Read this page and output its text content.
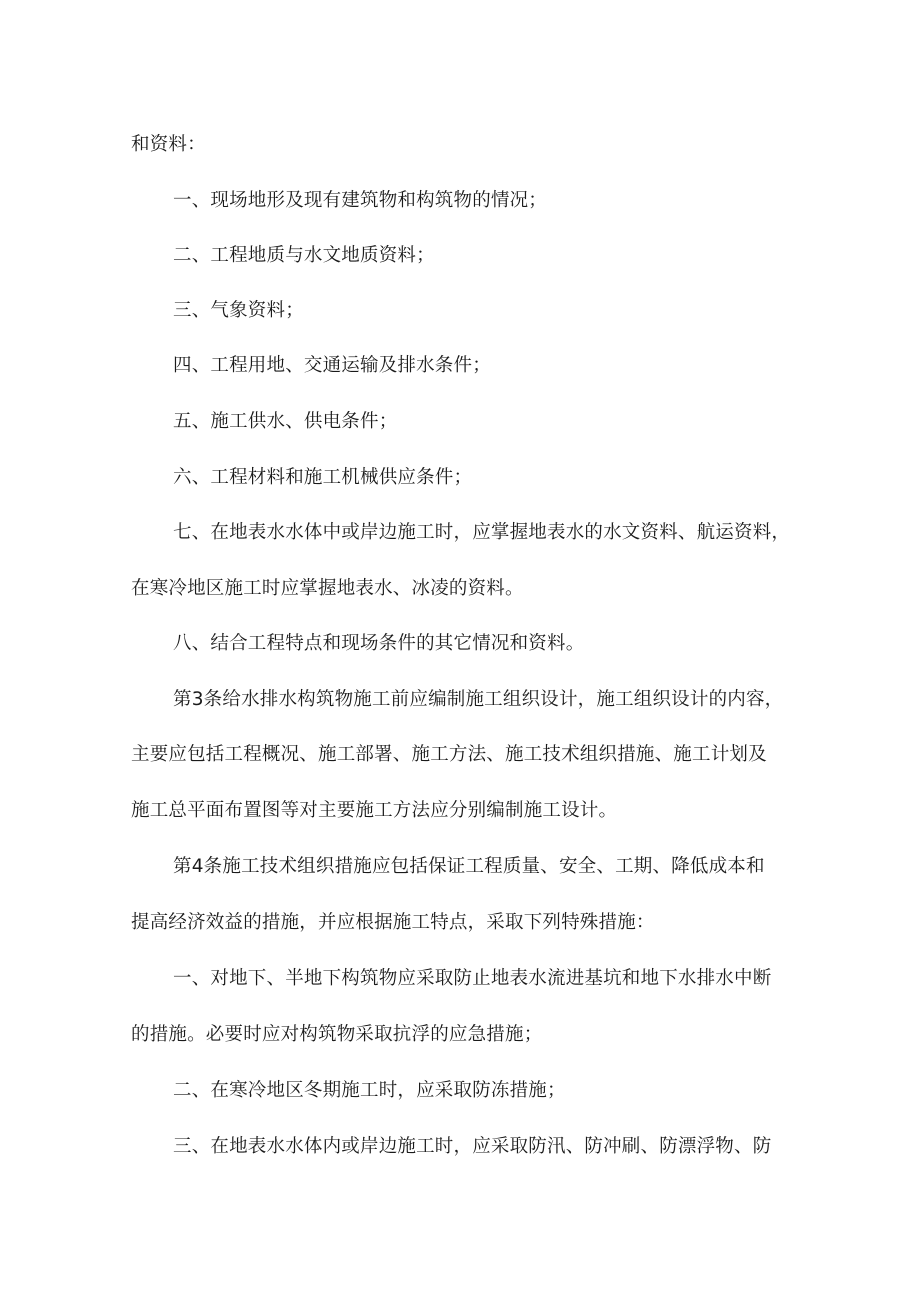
和资料：
一、现场地形及现有建筑物和构筑物的情况；
二、工程地质与水文地质资料；
三、气象资料；
四、工程用地、交通运输及排水条件；
五、施工供水、供电条件；
六、工程材料和施工机械供应条件；
七、在地表水水体中或岸边施工时，应掌握地表水的水文资料、航运资料，
在寒冷地区施工时应掌握地表水、冰凌的资料。
八、结合工程特点和现场条件的其它情况和资料。
第3条给水排水构筑物施工前应编制施工组织设计，施工组织设计的内容，
主要应包括工程概况、施工部署、施工方法、施工技术组织措施、施工计划及
施工总平面布置图等对主要施工方法应分别编制施工设计。
第4条施工技术组织措施应包括保证工程质量、安全、工期、降低成本和
提高经济效益的措施，并应根据施工特点，采取下列特殊措施：
一、对地下、半地下构筑物应采取防止地表水流进基坑和地下水排水中断
的措施。必要时应对构筑物采取抗浮的应急措施；
二、在寒冷地区冬期施工时，应采取防冻措施；
三、在地表水水体内或岸边施工时，应采取防汛、防冲刷、防漂浮物、防
